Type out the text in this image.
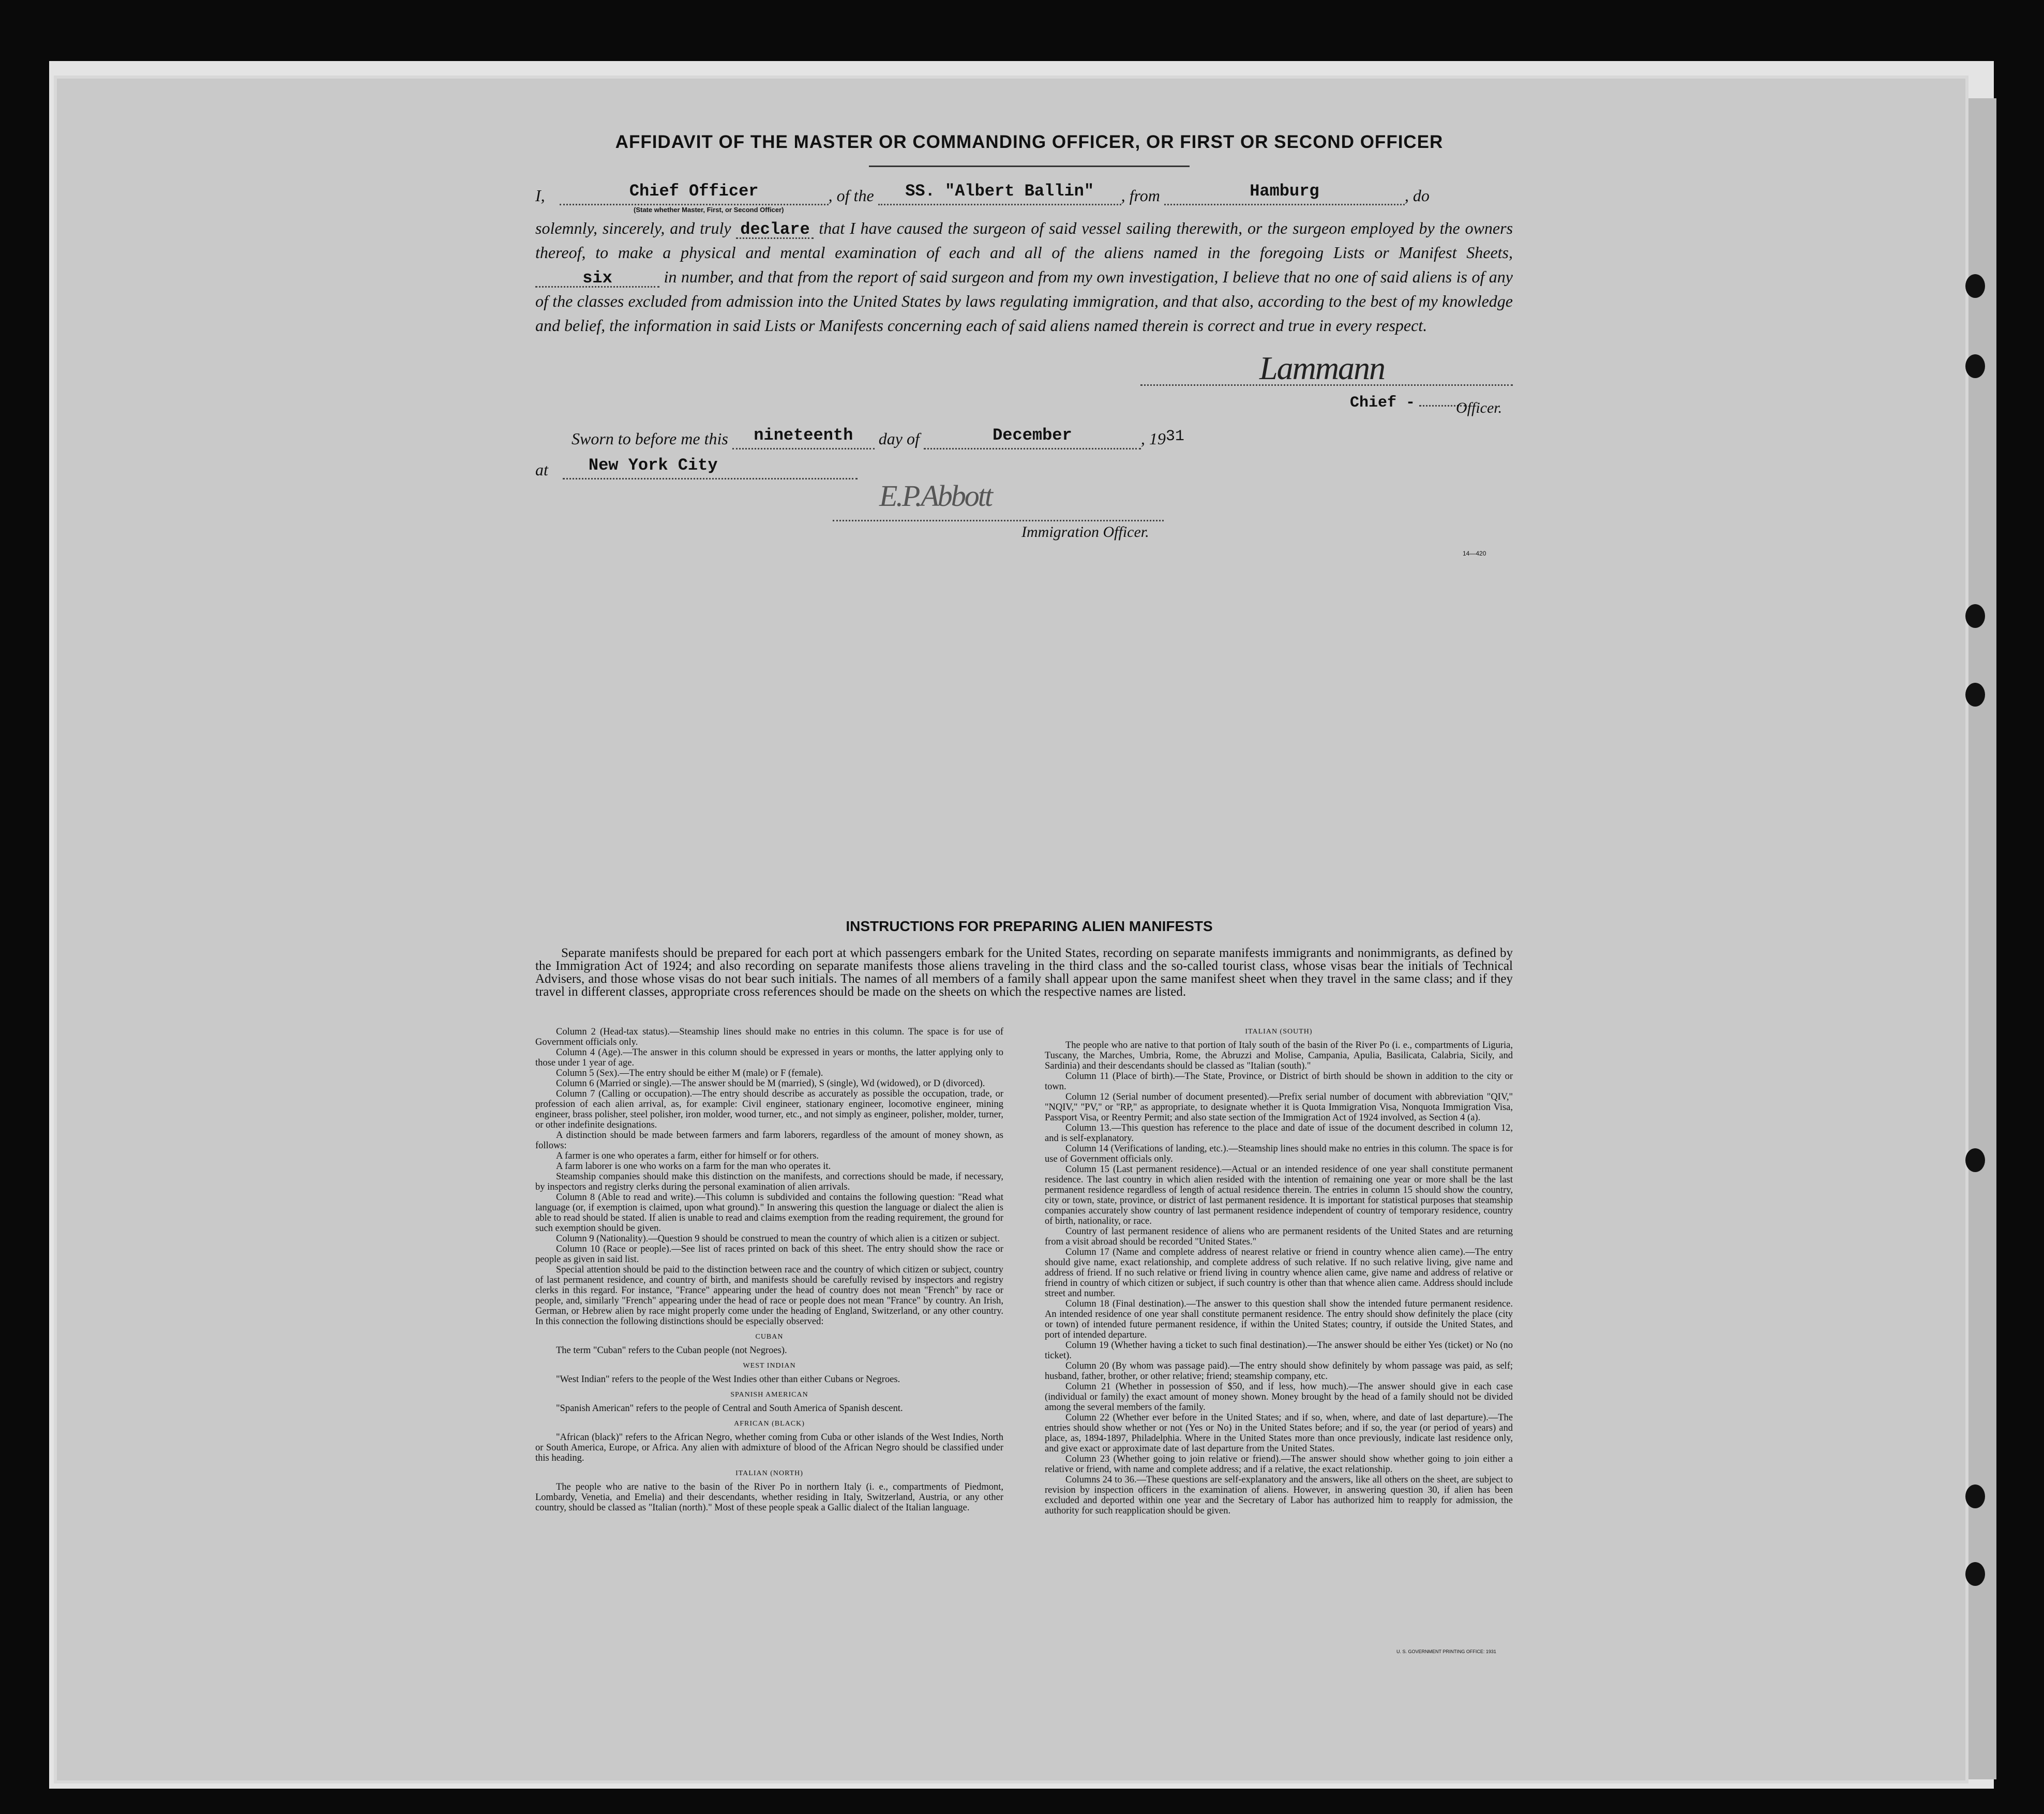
AFFIDAVIT OF THE MASTER OR COMMANDING OFFICER, OR FIRST OR SECOND OFFICER
I,	Chief Officer	, of the	SS. "Albert Ballin"	, from	Hamburg	, do
(State whether Master, First, or Second Officer)
solemnly, sincerely, and truly declare that I have caused the surgeon of said vessel sailing therewith, or the surgeon employed by the owners thereof, to make a physical and mental examination of each and all of the aliens named in the foregoing Lists or Manifest Sheets, six	in number, and that from the report of said surgeon and from my own investigation, I believe that no one of said aliens is of any of the classes excluded from admission into the United States by laws regulating immigration, and that also, according to the best of my knowledge and belief, the information in said Lists or Manifests concerning each of said aliens named therein is correct and true in every respect.
Lammann
Chief -	Officer.
Sworn to before me this	nineteenth	day of	December	, 1931
at New York City
E.P.Abbott
Immigration Officer.
14—420
INSTRUCTIONS FOR PREPARING ALIEN MANIFESTS
Separate manifests should be prepared for each port at which passengers embark for the United States, recording on separate manifests immigrants and nonimmigrants, as defined by the Immigration Act of 1924; and also recording on separate manifests those aliens traveling in the third class and the so-called tourist class, whose visas bear the initials of Technical Advisers, and those whose visas do not bear such initials. The names of all members of a family shall appear upon the same manifest sheet when they travel in the same class; and if they travel in different classes, appropriate cross references should be made on the sheets on which the respective names are listed.

Column 2 (Head-tax status).—Steamship lines should make no entries in this column. The space is for use of Government officials only.

Column 4 (Age).—The answer in this column should be expressed in years or months, the latter applying only to those under 1 year of age.

Column 5 (Sex).—The entry should be either M (male) or F (female).

Column 6 (Married or single).—The answer should be M (married), S (single), Wd (widowed), or D (divorced).

Column 7 (Calling or occupation).—The entry should describe as accurately as possible the occupation, trade, or profession of each alien arrival, as, for example: Civil engineer, stationary engineer, locomotive engineer, mining engineer, brass polisher, steel polisher, iron molder, wood turner, etc., and not simply as engineer, polisher, molder, turner, or other indefinite designations.

A distinction should be made between farmers and farm laborers, regardless of the amount of money shown, as follows:

A farmer is one who operates a farm, either for himself or for others.

A farm laborer is one who works on a farm for the man who operates it.

Steamship companies should make this distinction on the manifests, and corrections should be made, if necessary, by inspectors and registry clerks during the personal examination of alien arrivals.

Column 8 (Able to read and write).—This column is subdivided and contains the following question: "Read what language (or, if exemption is claimed, upon what ground)." In answering this question the language or dialect the alien is able to read should be stated. If alien is unable to read and claims exemption from the reading requirement, the ground for such exemption should be given.

Column 9 (Nationality).—Question 9 should be construed to mean the country of which alien is a citizen or subject.

Column 10 (Race or people).—See list of races printed on back of this sheet. The entry should show the race or people as given in said list.

Special attention should be paid to the distinction between race and the country of which citizen or subject, country of last permanent residence, and country of birth, and manifests should be carefully revised by inspectors and registry clerks in this regard. For instance, "France" appearing under the head of country does not mean "French" by race or people, and, similarly "French" appearing under the head of race or people does not mean "France" by country. An Irish, German, or Hebrew alien by race might properly come under the heading of England, Switzerland, or any other country. In this connection the following distinctions should be especially observed:

CUBAN

The term "Cuban" refers to the Cuban people (not Negroes).

WEST INDIAN

"West Indian" refers to the people of the West Indies other than either Cubans or Negroes.

SPANISH AMERICAN

"Spanish American" refers to the people of Central and South America of Spanish descent.

AFRICAN (BLACK)

"African (black)" refers to the African Negro, whether coming from Cuba or other islands of the West Indies, North or South America, Europe, or Africa. Any alien with admixture of blood of the African Negro should be classified under this heading.

ITALIAN (NORTH)

The people who are native to the basin of the River Po in northern Italy (i. e., compartments of Piedmont, Lombardy, Venetia, and Emelia) and their descendants, whether residing in Italy, Switzerland, Austria, or any other country, should be classed as "Italian (north)." Most of these people speak a Gallic dialect of the Italian language.

ITALIAN (SOUTH)

The people who are native to that portion of Italy south of the basin of the River Po (i. e., compartments of Liguria, Tuscany, the Marches, Umbria, Rome, the Abruzzi and Molise, Campania, Apulia, Basilicata, Calabria, Sicily, and Sardinia) and their descendants should be classed as "Italian (south)."

Column 11 (Place of birth).—The State, Province, or District of birth should be shown in addition to the city or town.

Column 12 (Serial number of document presented).—Prefix serial number of document with abbreviation "QIV," "NQIV," "PV," or "RP," as appropriate, to designate whether it is Quota Immigration Visa, Nonquota Immigration Visa, Passport Visa, or Reentry Permit; and also state section of the Immigration Act of 1924 involved, as Section 4 (a).

Column 13.—This question has reference to the place and date of issue of the document described in column 12, and is self-explanatory.

Column 14 (Verifications of landing, etc.).—Steamship lines should make no entries in this column. The space is for use of Government officials only.

Column 15 (Last permanent residence).—Actual or an intended residence of one year shall constitute permanent residence. The last country in which alien resided with the intention of remaining one year or more shall be the last permanent residence regardless of length of actual residence therein. The entries in column 15 should show the country, city or town, state, province, or district of last permanent residence. It is important for statistical purposes that steamship companies accurately show country of last permanent residence independent of country of temporary residence, country of birth, nationality, or race.

Country of last permanent residence of aliens who are permanent residents of the United States and are returning from a visit abroad should be recorded "United States."

Column 17 (Name and complete address of nearest relative or friend in country whence alien came).—The entry should give name, exact relationship, and complete address of such relative. If no such relative living, give name and address of friend. If no such relative or friend living in country whence alien came, give name and address of relative or friend in country of which citizen or subject, if such country is other than that whence alien came. Address should include street and number.

Column 18 (Final destination).—The answer to this question shall show the intended future permanent residence. An intended residence of one year shall constitute permanent residence. The entry should show definitely the place (city or town) of intended future permanent residence, if within the United States; country, if outside the United States, and port of intended departure.

Column 19 (Whether having a ticket to such final destination).—The answer should be either Yes (ticket) or No (no ticket).

Column 20 (By whom was passage paid).—The entry should show definitely by whom passage was paid, as self; husband, father, brother, or other relative; friend; steamship company, etc.

Column 21 (Whether in possession of $50, and if less, how much).—The answer should give in each case (individual or family) the exact amount of money shown. Money brought by the head of a family should not be divided among the several members of the family.

Column 22 (Whether ever before in the United States; and if so, when, where, and date of last departure).—The entries should show whether or not (Yes or No) in the United States before; and if so, the year (or period of years) and place, as, 1894-1897, Philadelphia. Where in the United States more than once previously, indicate last residence only, and give exact or approximate date of last departure from the United States.

Column 23 (Whether going to join relative or friend).—The answer should show whether going to join either a relative or friend, with name and complete address; and if a relative, the exact relationship.

Columns 24 to 36.—These questions are self-explanatory and the answers, like all others on the sheet, are subject to revision by inspection officers in the examination of aliens. However, in answering question 30, if alien has been excluded and deported within one year and the Secretary of Labor has authorized him to reapply for admission, the authority for such reapplication should be given.

U. S. GOVERNMENT PRINTING OFFICE: 1931
